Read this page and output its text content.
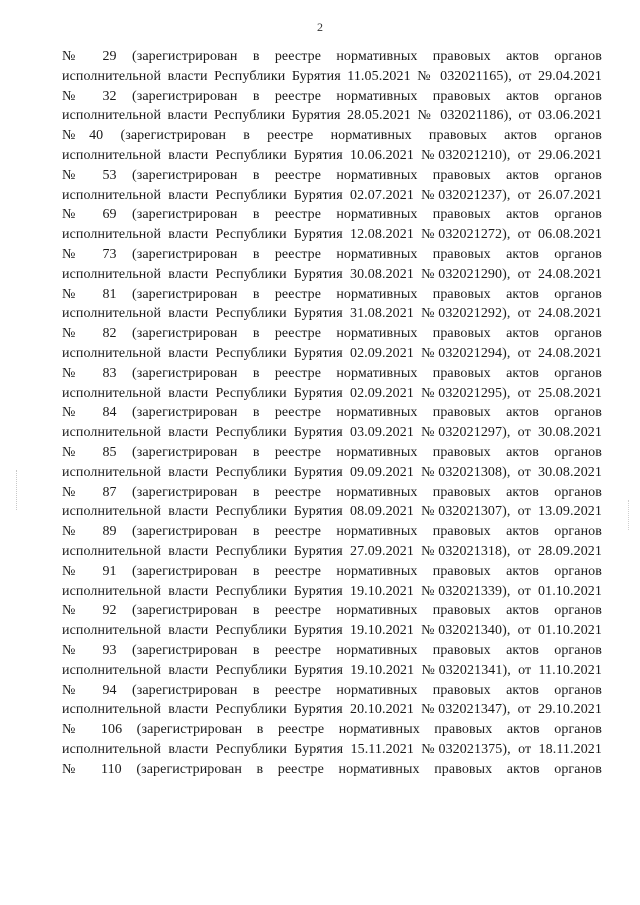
2
№ 29 (зарегистрирован в реестре нормативных правовых актов органов
исполнительной власти Республики Бурятия 11.05.2021 № 032021165), от 29.04.2021
№ 32 (зарегистрирован в реестре нормативных правовых актов органов
исполнительной власти Республики Бурятия 28.05.2021 № 032021186), от 03.06.2021
№40 (зарегистрирован в реестре нормативных правовых актов органов
исполнительной власти Республики Бурятия 10.06.2021 №032021210), от 29.06.2021
№ 53 (зарегистрирован в реестре нормативных правовых актов органов
исполнительной власти Республики Бурятия 02.07.2021 №032021237), от 26.07.2021
№ 69 (зарегистрирован в реестре нормативных правовых актов органов
исполнительной власти Республики Бурятия 12.08.2021 №032021272), от 06.08.2021
№ 73 (зарегистрирован в реестре нормативных правовых актов органов
исполнительной власти Республики Бурятия 30.08.2021 №032021290), от 24.08.2021
№ 81 (зарегистрирован в реестре нормативных правовых актов органов
исполнительной власти Республики Бурятия 31.08.2021 №032021292), от 24.08.2021
№ 82 (зарегистрирован в реестре нормативных правовых актов органов
исполнительной власти Республики Бурятия 02.09.2021 №032021294), от 24.08.2021
№ 83 (зарегистрирован в реестре нормативных правовых актов органов
исполнительной власти Республики Бурятия 02.09.2021 №032021295), от 25.08.2021
№ 84 (зарегистрирован в реестре нормативных правовых актов органов
исполнительной власти Республики Бурятия 03.09.2021 №032021297), от 30.08.2021
№ 85 (зарегистрирован в реестре нормативных правовых актов органов
исполнительной власти Республики Бурятия 09.09.2021 №032021308), от 30.08.2021
№ 87 (зарегистрирован в реестре нормативных правовых актов органов
исполнительной власти Республики Бурятия 08.09.2021 №032021307), от 13.09.2021
№ 89 (зарегистрирован в реестре нормативных правовых актов органов
исполнительной власти Республики Бурятия 27.09.2021 №032021318), от 28.09.2021
№ 91 (зарегистрирован в реестре нормативных правовых актов органов
исполнительной власти Республики Бурятия 19.10.2021 №032021339), от 01.10.2021
№ 92 (зарегистрирован в реестре нормативных правовых актов органов
исполнительной власти Республики Бурятия 19.10.2021 №032021340), от 01.10.2021
№ 93 (зарегистрирован в реестре нормативных правовых актов органов
исполнительной власти Республики Бурятия 19.10.2021 №032021341), от 11.10.2021
№ 94 (зарегистрирован в реестре нормативных правовых актов органов
исполнительной власти Республики Бурятия 20.10.2021 №032021347), от 29.10.2021
№ 106 (зарегистрирован в реестре нормативных правовых актов органов
исполнительной власти Республики Бурятия 15.11.2021 №032021375), от 18.11.2021
№ 110 (зарегистрирован в реестре нормативных правовых актов органов
